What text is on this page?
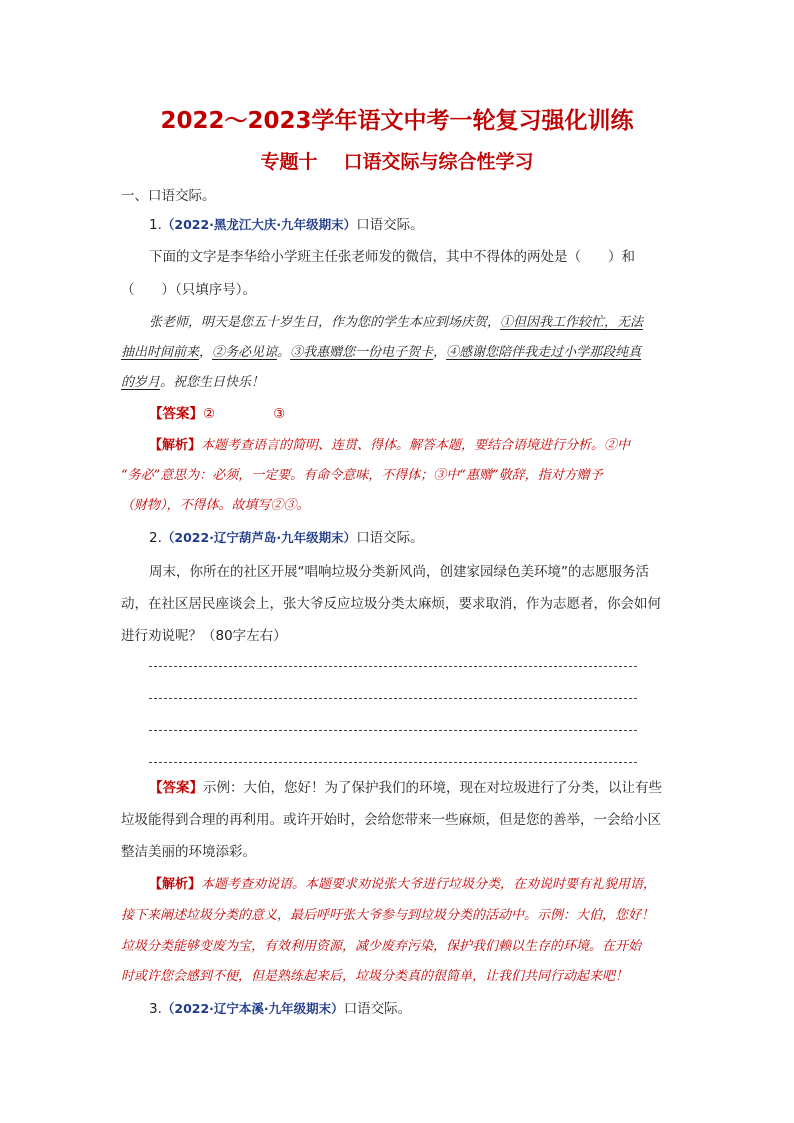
2022～2023学年语文中考一轮复习强化训练
专题十 口语交际与综合性学习
一、口语交际。
1.（2022·黑龙江大庆·九年级期末）口语交际。
下面的文字是李华给小学班主任张老师发的微信，其中不得体的两处是（　　）和
（　　）（只填序号）。
张老师，明天是您五十岁生日，作为您的学生本应到场庆贺，①但因我工作较忙，无法
抽出时间前来，②务必见谅。③我惠赠您一份电子贺卡，④感谢您陪伴我走过小学那段纯真
的岁月。祝您生日快乐！
【答案】②	③
【解析】本题考查语言的简明、连贯、得体。解答本题，要结合语境进行分析。②中
“务必”意思为：必须，一定要。有命令意味，不得体；③中“惠赠”敬辞，指对方赠予
（财物），不得体。故填写②③。
2.（2022·辽宁葫芦岛·九年级期末）口语交际。
周末，你所在的社区开展“唱响垃圾分类新风尚，创建家园绿色美环境”的志愿服务活
动，在社区居民座谈会上，张大爷反应垃圾分类太麻烦，要求取消，作为志愿者，你会如何
进行劝说呢？（80字左右）
【答案】示例：大伯，您好！为了保护我们的环境，现在对垃圾进行了分类，以让有些
垃圾能得到合理的再利用。或许开始时，会给您带来一些麻烦，但是您的善举，一会给小区
整洁美丽的环境添彩。
【解析】本题考查劝说语。本题要求劝说张大爷进行垃圾分类，在劝说时要有礼貌用语，
接下来阐述垃圾分类的意义，最后呼吁张大爷参与到垃圾分类的活动中。示例：大伯，您好！
垃圾分类能够变废为宝，有效利用资源，减少废弃污染，保护我们赖以生存的环境。在开始
时或许您会感到不便，但是熟练起来后，垃圾分类真的很简单，让我们共同行动起来吧！
3.（2022·辽宁本溪·九年级期末）口语交际。
